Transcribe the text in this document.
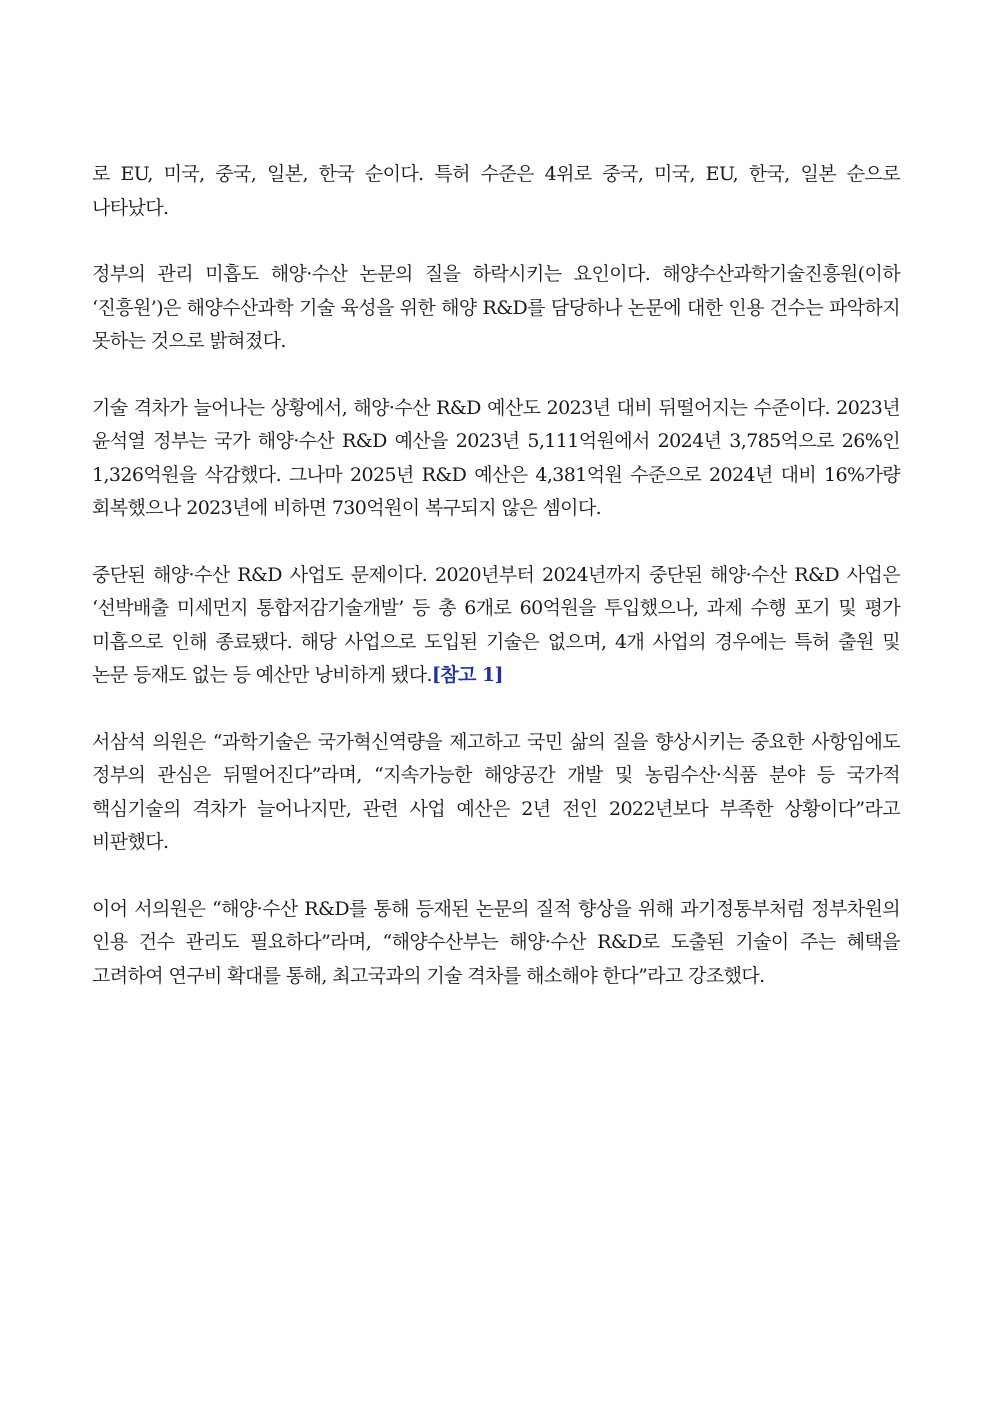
로 EU, 미국, 중국, 일본, 한국 순이다. 특허 수준은 4위로 중국, 미국, EU, 한국, 일본 순으로 나타났다.

정부의 관리 미흡도 해양·수산 논문의 질을 하락시키는 요인이다. 해양수산과학기술진흥원(이하 ‘진흥원’)은 해양수산과학 기술 육성을 위한 해양 R&D를 담당하나 논문에 대한 인용 건수는 파악하지 못하는 것으로 밝혀졌다.

기술 격차가 늘어나는 상황에서, 해양·수산 R&D 예산도 2023년 대비 뒤떨어지는 수준이다. 2023년 윤석열 정부는 국가 해양·수산 R&D 예산을 2023년 5,111억원에서 2024년 3,785억으로 26%인 1,326억원을 삭감했다. 그나마 2025년 R&D 예산은 4,381억원 수준으로 2024년 대비 16%가량 회복했으나 2023년에 비하면 730억원이 복구되지 않은 셈이다.

중단된 해양·수산 R&D 사업도 문제이다. 2020년부터 2024년까지 중단된 해양·수산 R&D 사업은 ‘선박배출 미세먼지 통합저감기술개발’ 등 총 6개로 60억원을 투입했으나, 과제 수행 포기 및 평가 미흡으로 인해 종료됐다. 해당 사업으로 도입된 기술은 없으며, 4개 사업의 경우에는 특허 출원 및 논문 등재도 없는 등 예산만 낭비하게 됐다.[참고 1]

서삼석 의원은 “과학기술은 국가혁신역량을 제고하고 국민 삶의 질을 향상시키는 중요한 사항임에도 정부의 관심은 뒤떨어진다”라며, “지속가능한 해양공간 개발 및 농림수산·식품 분야 등 국가적 핵심기술의 격차가 늘어나지만, 관련 사업 예산은 2년 전인 2022년보다 부족한 상황이다”라고 비판했다.

이어 서의원은 “해양·수산 R&D를 통해 등재된 논문의 질적 향상을 위해 과기정통부처럼 정부차원의 인용 건수 관리도 필요하다”라며, “해양수산부는 해양·수산 R&D로 도출된 기술이 주는 혜택을 고려하여 연구비 확대를 통해, 최고국과의 기술 격차를 해소해야 한다”라고 강조했다.
